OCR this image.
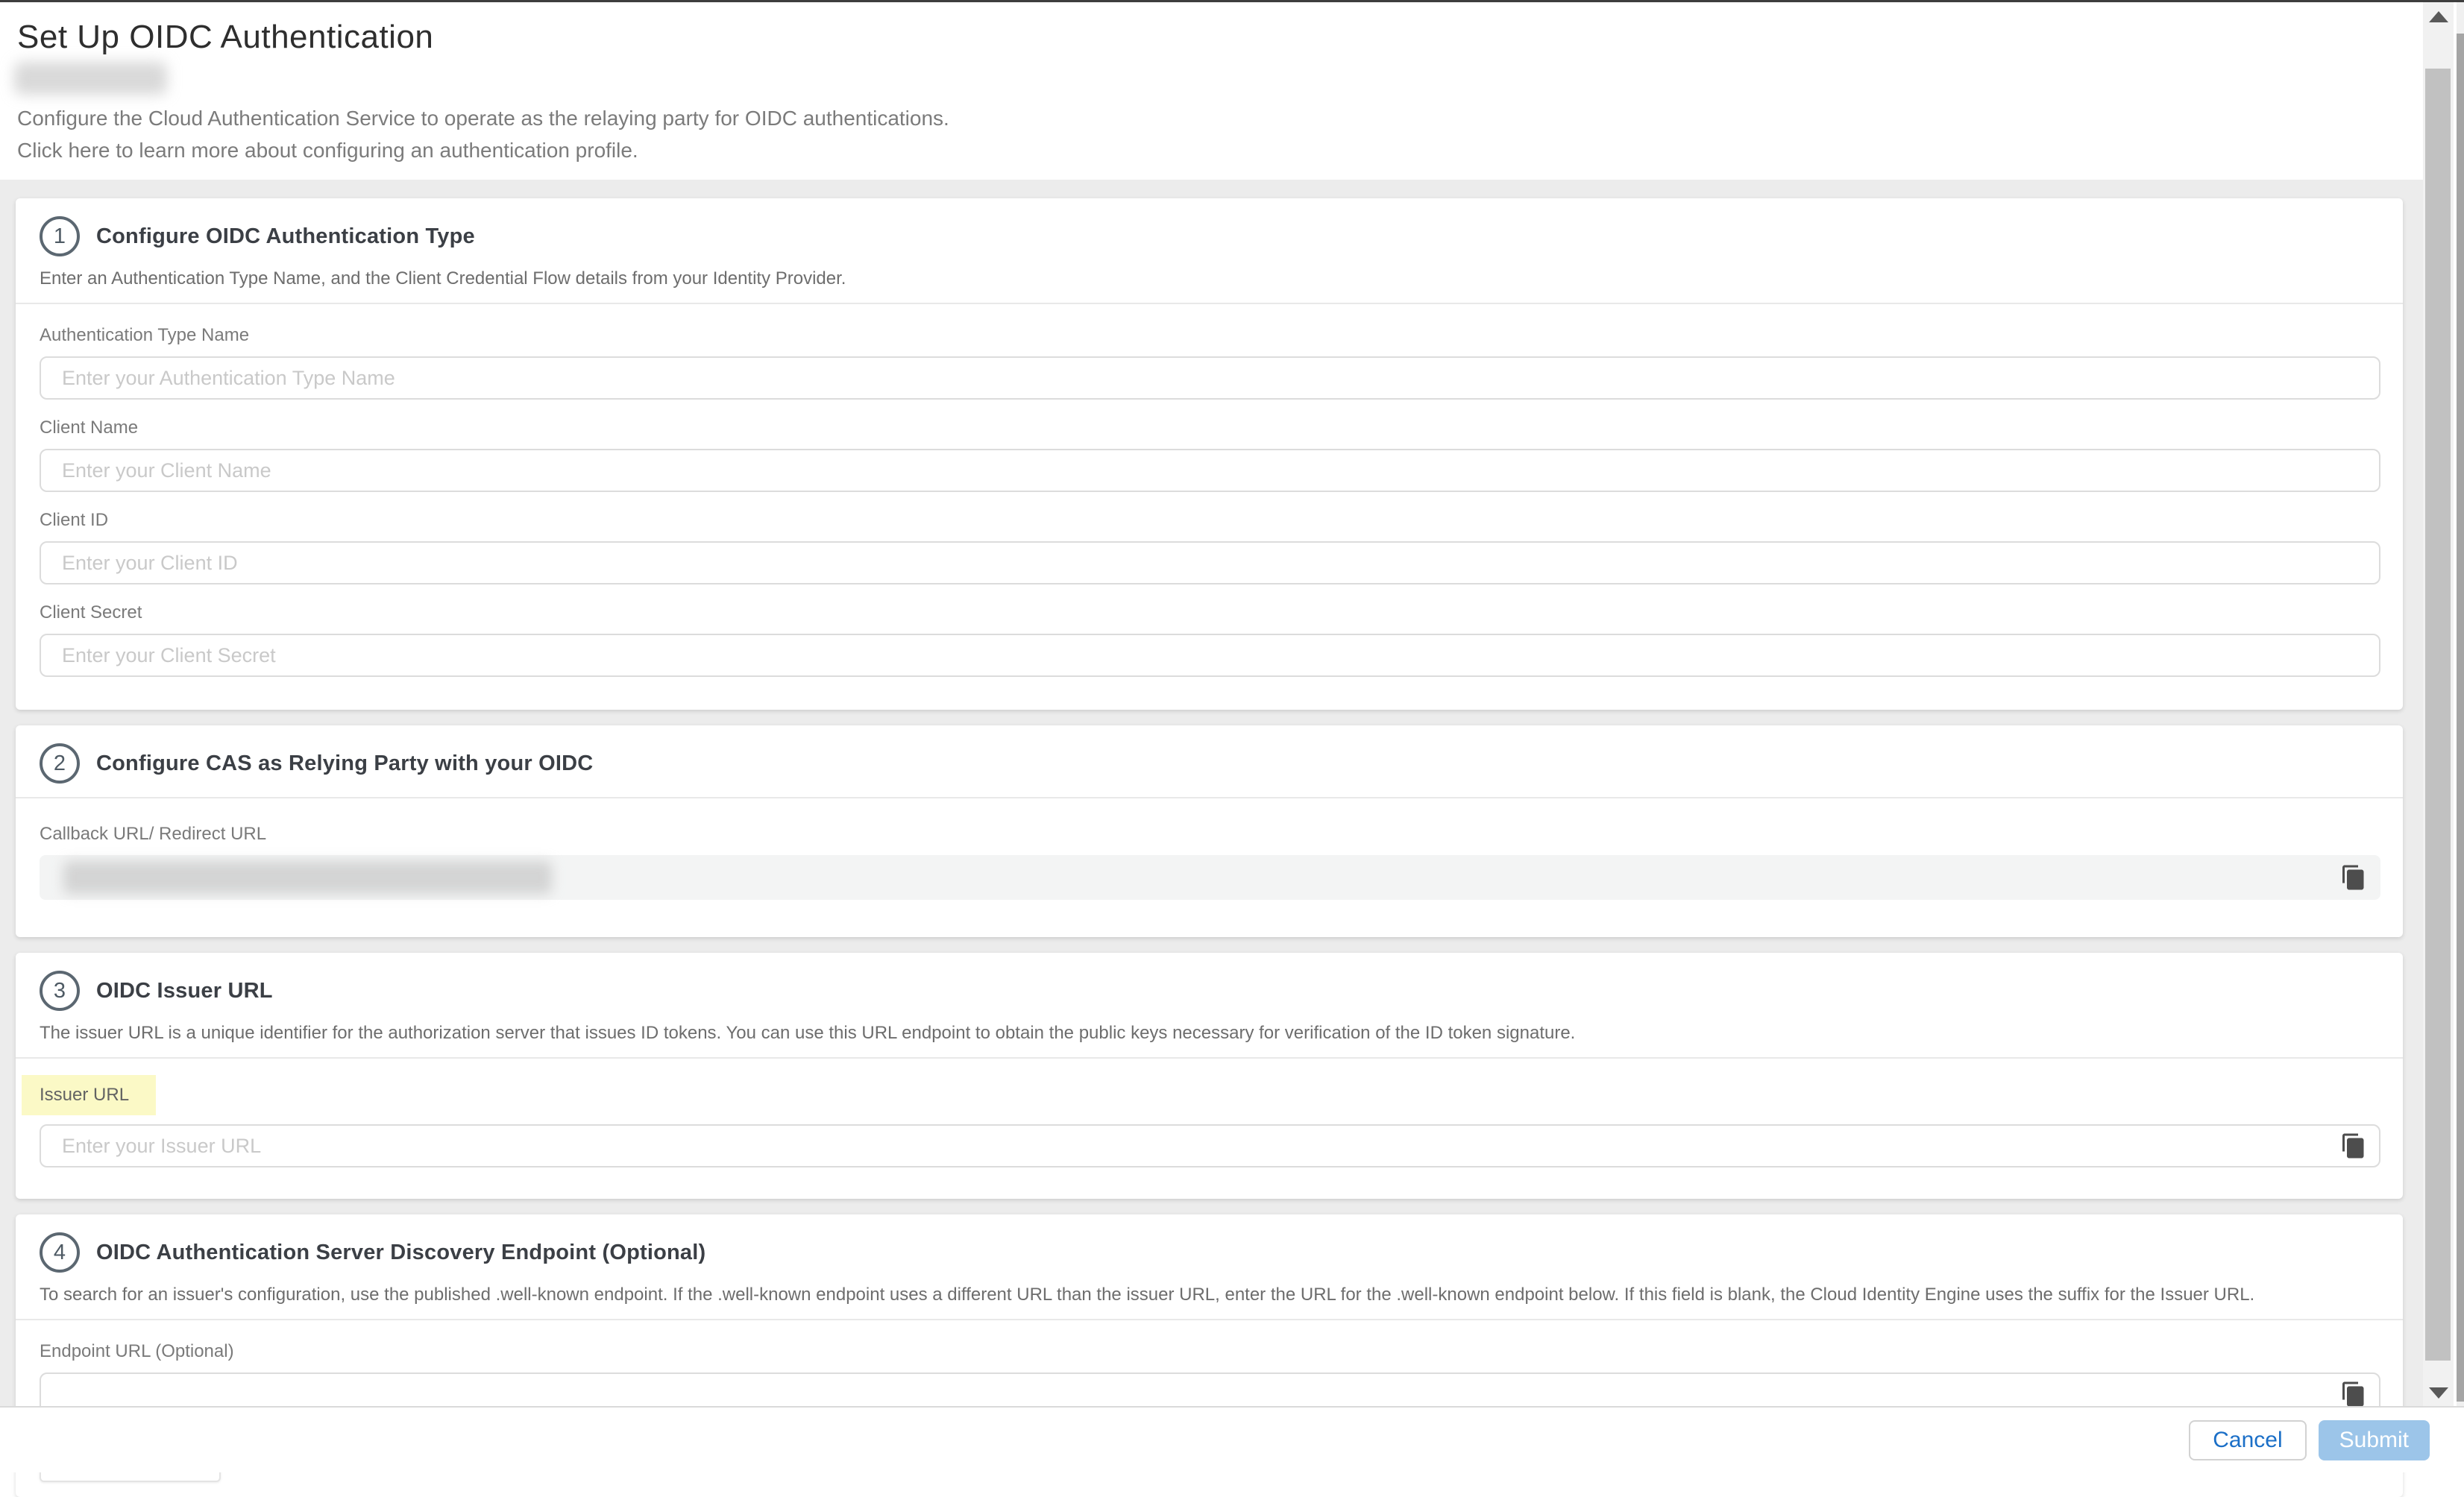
Set Up OIDC Authentication
Configure the Cloud Authentication Service to operate as the relaying party for OIDC authentications.
Click here to learn more about configuring an authentication profile.
1	Configure OIDC Authentication Type
Enter an Authentication Type Name, and the Client Credential Flow details from your Identity Provider.
Authentication Type Name
Enter your Authentication Type Name
Client Name
Enter your Client Name
Client ID
Enter your Client ID
Client Secret
Enter your Client Secret
2	Configure CAS as Relying Party with your OIDC
Callback URL/ Redirect URL
3	OIDC Issuer URL
The issuer URL is a unique identifier for the authorization server that issues ID tokens. You can use this URL endpoint to obtain the public keys necessary for verification of the ID token signature.
Issuer URL
Enter your Issuer URL
4	OIDC Authentication Server Discovery Endpoint (Optional)
To search for an issuer's configuration, use the published .well-known endpoint. If the .well-known endpoint uses a different URL than the issuer URL, enter the URL for the .well-known endpoint below. If this field is blank, the Cloud Identity Engine uses the suffix for the Issuer URL.
Endpoint URL (Optional)
Cancel	Submit
